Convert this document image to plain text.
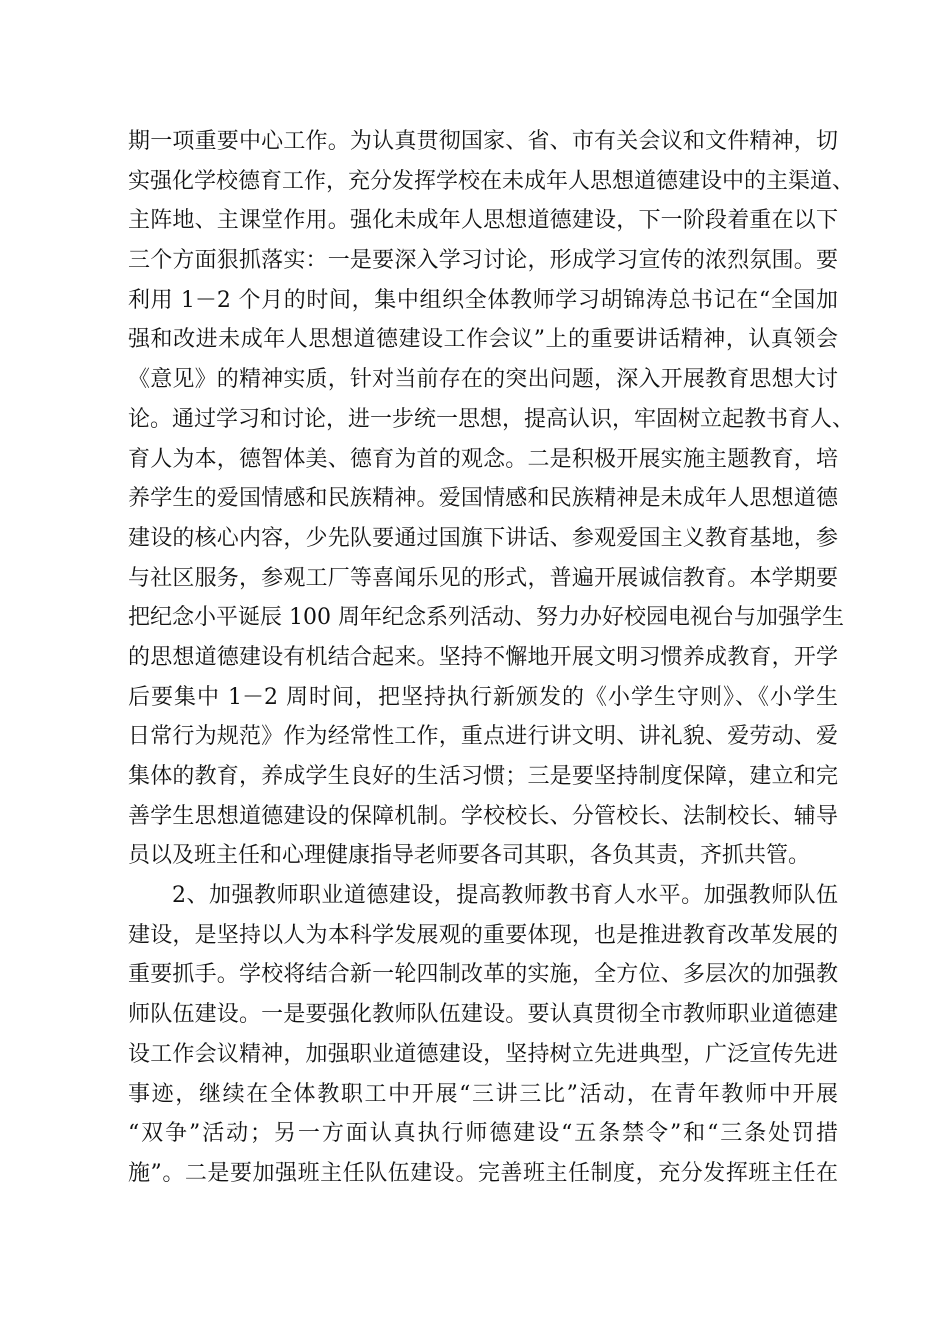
期一项重要中心工作。为认真贯彻国家、省、市有关会议和文件精神，切
实强化学校德育工作，充分发挥学校在未成年人思想道德建设中的主渠道、
主阵地、主课堂作用。强化未成年人思想道德建设，下一阶段着重在以下
三个方面狠抓落实：一是要深入学习讨论，形成学习宣传的浓烈氛围。要
利用 1－2 个月的时间，集中组织全体教师学习胡锦涛总书记在“全国加
强和改进未成年人思想道德建设工作会议”上的重要讲话精神，认真领会
《意见》的精神实质，针对当前存在的突出问题，深入开展教育思想大讨
论。通过学习和讨论，进一步统一思想，提高认识，牢固树立起教书育人、
育人为本，德智体美、德育为首的观念。二是积极开展实施主题教育，培
养学生的爱国情感和民族精神。爱国情感和民族精神是未成年人思想道德
建设的核心内容，少先队要通过国旗下讲话、参观爱国主义教育基地，参
与社区服务，参观工厂等喜闻乐见的形式，普遍开展诚信教育。本学期要
把纪念小平诞辰 100 周年纪念系列活动、努力办好校园电视台与加强学生
的思想道德建设有机结合起来。坚持不懈地开展文明习惯养成教育，开学
后要集中 1－2 周时间，把坚持执行新颁发的《小学生守则》、《小学生
日常行为规范》作为经常性工作，重点进行讲文明、讲礼貌、爱劳动、爱
集体的教育，养成学生良好的生活习惯；三是要坚持制度保障，建立和完
善学生思想道德建设的保障机制。学校校长、分管校长、法制校长、辅导
员以及班主任和心理健康指导老师要各司其职，各负其责，齐抓共管。
2、加强教师职业道德建设，提高教师教书育人水平。加强教师队伍
建设，是坚持以人为本科学发展观的重要体现，也是推进教育改革发展的
重要抓手。学校将结合新一轮四制改革的实施，全方位、多层次的加强教
师队伍建设。一是要强化教师队伍建设。要认真贯彻全市教师职业道德建
设工作会议精神，加强职业道德建设，坚持树立先进典型，广泛宣传先进
事迹，继续在全体教职工中开展“三讲三比”活动，在青年教师中开展
“双争”活动；另一方面认真执行师德建设“五条禁令”和“三条处罚措
施”。二是要加强班主任队伍建设。完善班主任制度，充分发挥班主任在
